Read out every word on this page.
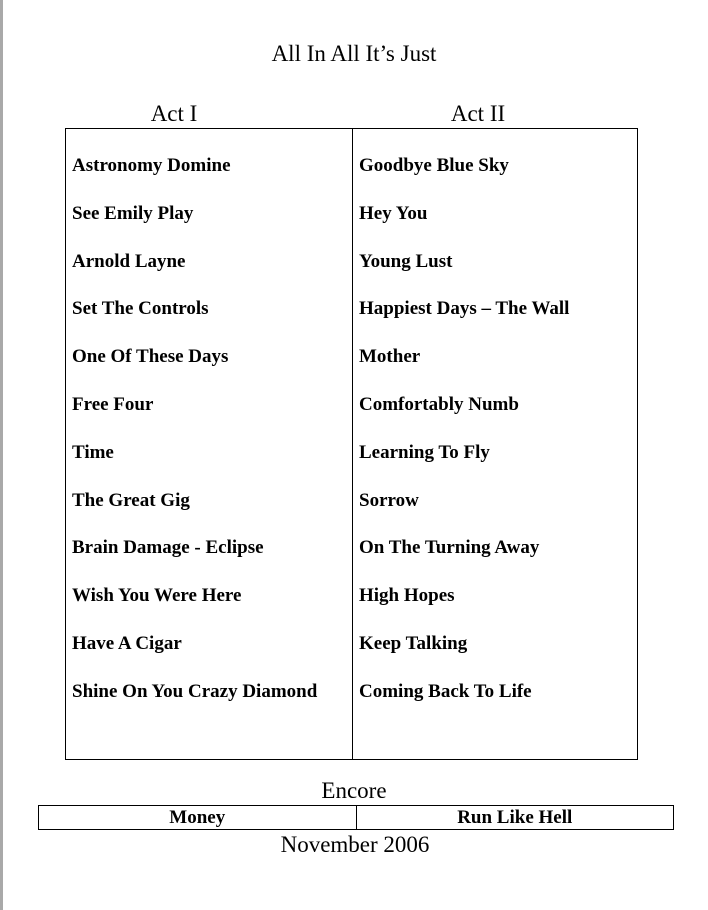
All In All It’s Just
Act I	Act II
Astronomy Domine
See Emily Play
Arnold Layne
Set The Controls
One Of These Days
Free Four
Time
The Great Gig
Brain Damage - Eclipse
Wish You Were Here
Have A Cigar
Shine On You Crazy Diamond
Goodbye Blue Sky
Hey You
Young Lust
Happiest Days – The Wall
Mother
Comfortably Numb
Learning To Fly
Sorrow
On The Turning Away
High Hopes
Keep Talking
Coming Back To Life
Encore
Money	Run Like Hell
November 2006
